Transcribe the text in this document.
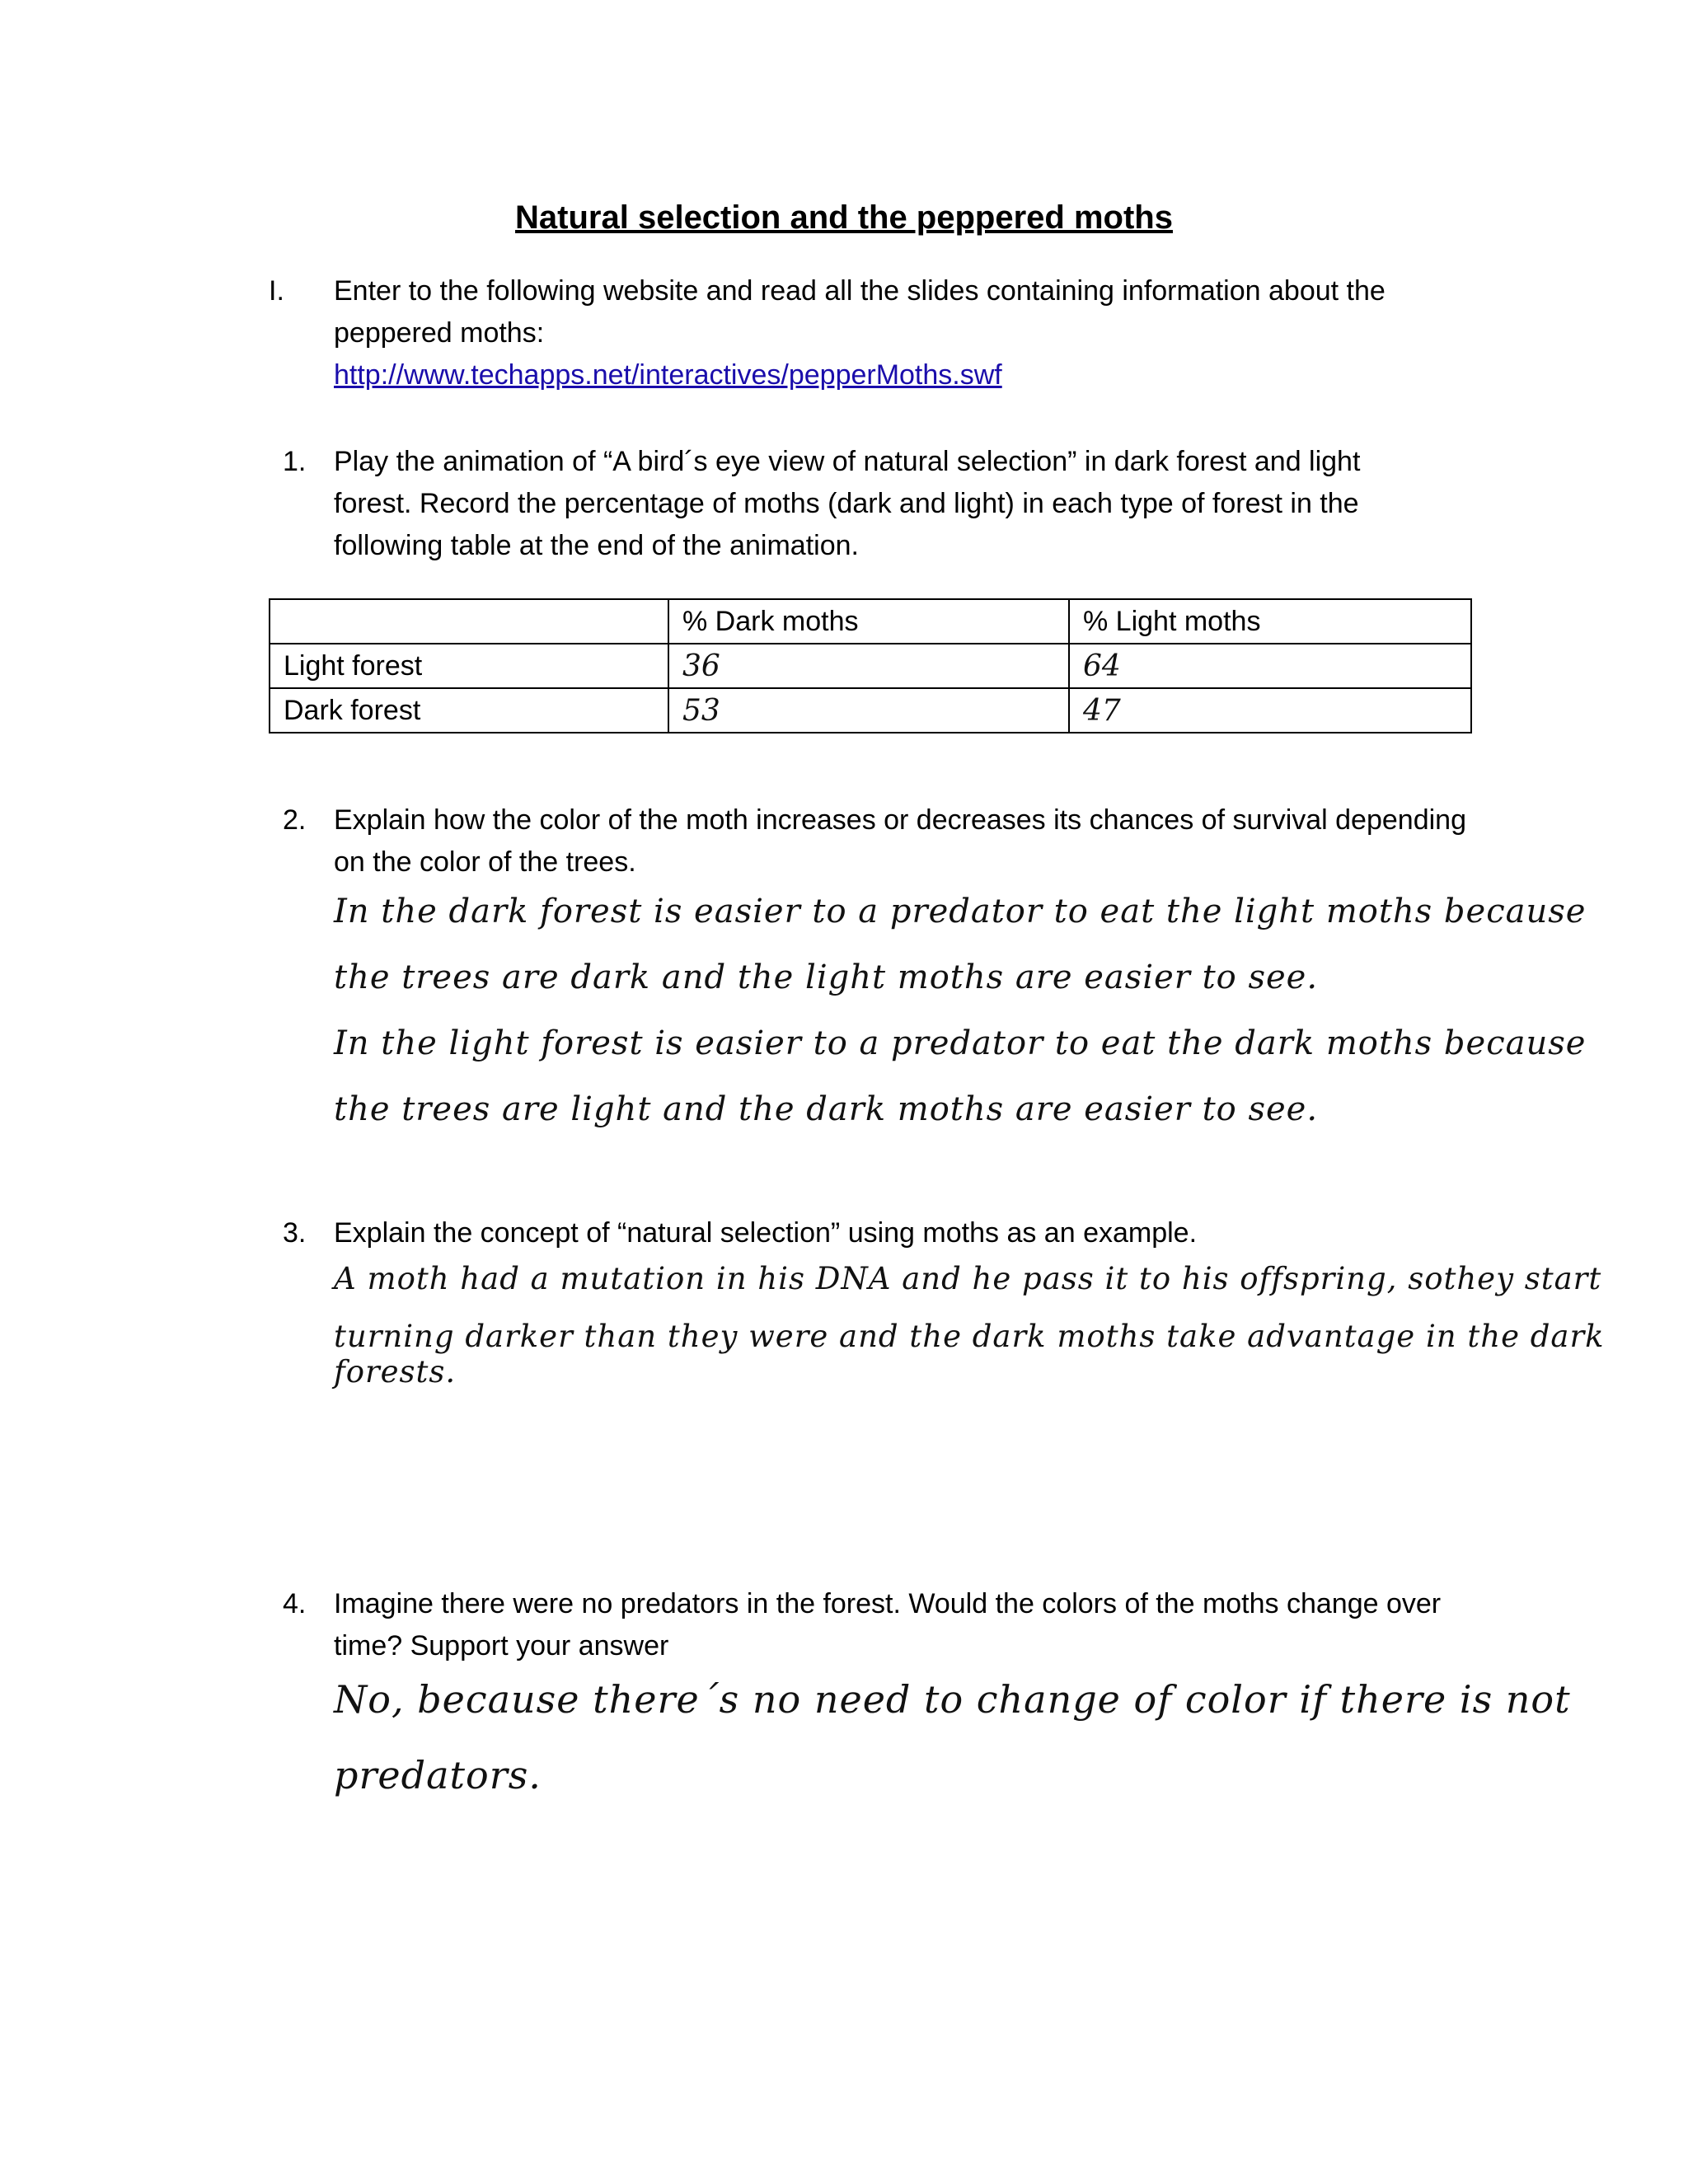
Natural selection and the peppered moths
I. Enter to the following website and read all the slides containing information about the
peppered moths:
http://www.techapps.net/interactives/pepperMoths.swf
1. Play the animation of “A bird´s eye view of natural selection” in dark forest and light
forest. Record the percentage of moths (dark and light) in each type of forest in the
following table at the end of the animation.
	% Dark moths	% Light moths
Light forest	36	64
Dark forest	53	47
2. Explain how the color of the moth increases or decreases its chances of survival depending
on the color of the trees.
In the dark forest is easier to a predator to eat the light moths because
the trees are dark and the light moths are easier to see.
In the light forest is easier to a predator to eat the dark moths because
the trees are light and the dark moths are easier to see.
3. Explain the concept of “natural selection” using moths as an example.
A moth had a mutation in his DNA and he pass it to his offspring, sothey start
turning darker than they were and the dark moths take advantage in the dark forests.
4. Imagine there were no predators in the forest. Would the colors of the moths change over
time? Support your answer
No, because there´s no need to change of color if there is not
predators.
